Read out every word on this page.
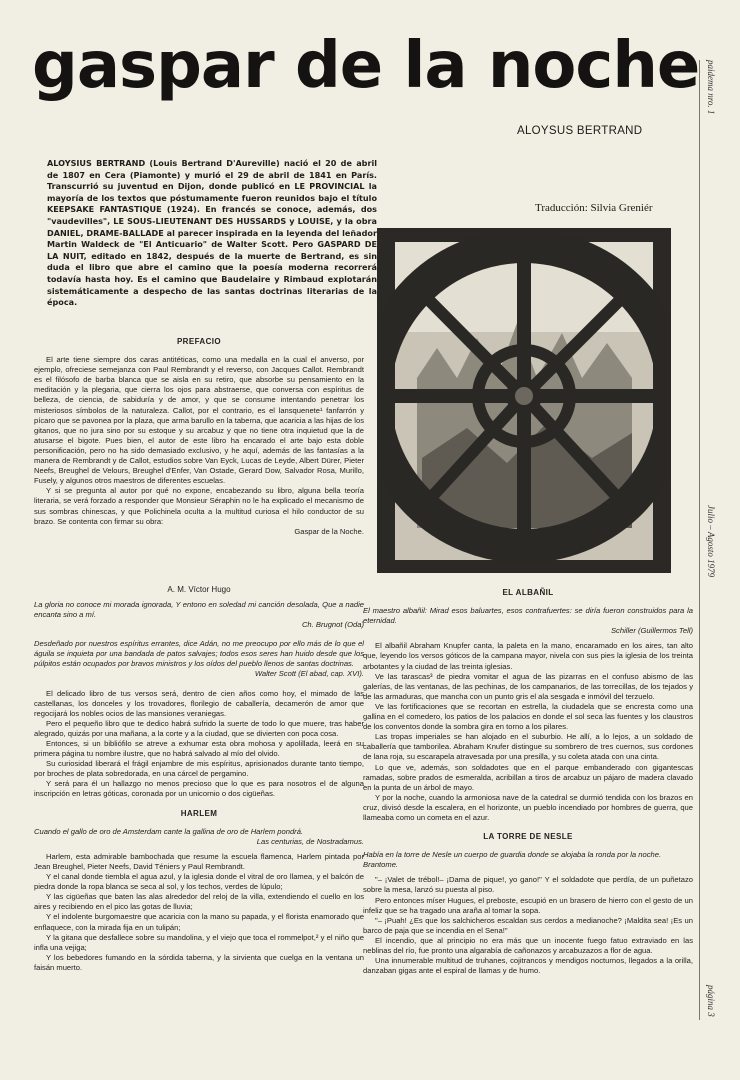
paidema nro. 1
Julio – Agosto 1979
página 3
gaspar de la noche
ALOYSUS BERTRAND

ALOYSIUS BERTRAND (Louis Bertrand D'Aureville) nació el 20 de abril de 1807 en Cera (Piamonte) y murió el 29 de abril de 1841 en París. Transcurrió su juventud en Dijon, donde publicó en LE PROVINCIAL la mayoría de los textos que póstumamente fueron reunidos bajo el título KEEPSAKE FANTASTIQUE (1924). En francés se conoce, además, dos "vaudevilles", LE SOUS-LIEUTENANT DES HUSSARDS y LOUISE, y la obra DANIEL, DRAME-BALLADE al parecer inspirada en la leyenda del leñador Martin Waldeck de "El Anticuario" de Walter Scott. Pero GASPARD DE LA NUIT, editado en 1842, después de la muerte de Bertrand, es sin duda el libro que abre el camino que la poesía moderna recorrerá todavía hasta hoy. Es el camino que Baudelaire y Rimbaud explotarán sistemáticamente a despecho de las santas doctrinas literarias de la época.

Traducción: Silvia Greniér

PREFACIO

El arte tiene siempre dos caras antitéticas, como una medalla en la cual el anverso, por ejemplo, ofreciese semejanza con Paul Rembrandt y el reverso, con Jacques Callot. Rembrandt es el filósofo de barba blanca que se aisla en su retiro, que absorbe su pensamiento en la meditación y la plegaria, que cierra los ojos para abstraerse, que conversa con espíritus de belleza, de ciencia, de sabiduría y de amor, y que se consume intentando penetrar los misteriosos símbolos de la naturaleza. Callot, por el contrario, es el lansquenete¹ fanfarrón y pícaro que se pavonea por la plaza, que arma barullo en la taberna, que acaricia a las hijas de los gitanos, que no jura sino por su estoque y su arcabuz y que no tiene otra inquietud que la de atusarse el bigote. Pues bien, el autor de este libro ha encarado el arte bajo esta doble personificación, pero no ha sido demasiado exclusivo, y he aquí, además de las fantasías a la manera de Rembrandt y de Callot, estudios sobre Van Eyck, Lucas de Leyde, Albert Dürer, Pieter Neefs, Breughel de Velours, Breughel d'Enfer, Van Ostade, Gerard Dow, Salvador Rosa, Murillo, Fusely, y algunos otros maestros de diferentes escuelas.

Y si se pregunta al autor por qué no expone, encabezando su libro, alguna bella teoría literaria, se verá forzado a responder que Monsieur Séraphin no le ha explicado el mecanismo de sus sombras chinescas, y que Polichinela oculta a la multitud curiosa el hilo conductor de su brazo. Se contenta con firmar su obra:

Gaspar de la Noche.

A. M. Víctor Hugo

La gloria no conoce mi morada ignorada, Y entono en soledad mi canción desolada, Que a nadie encanta sino a mí.

Ch. Brugnot (Oda)

Desdeñado por nuestros espíritus errantes, dice Adán, no me preocupo por ello más de lo que el águila se inquieta por una bandada de patos salvajes; todos esos seres han huido desde que los púlpitos están ocupados por bravos ministros y los oídos del pueblo llenos de santas doctrinas.

Walter Scott (El abad, cap. XVI).

El delicado libro de tus versos será, dentro de cien años como hoy, el mimado de las castellanas, los donceles y los trovadores, florilegio de caballería, decamerón de amor que regocijará los nobles ocios de las mansiones veraniegas.

Pero el pequeño libro que te dedico habrá sufrido la suerte de todo lo que muere, tras haber alegrado, quizás por una mañana, a la corte y a la ciudad, que se divierten con poca cosa.

Entonces, si un bibliófilo se atreve a exhumar esta obra mohosa y apolillada, leerá en su primera página tu nombre ilustre, que no habrá salvado al mío del olvido.

Su curiosidad liberará el frágil enjambre de mis espíritus, aprisionados durante tanto tiempo, por broches de plata sobredorada, en una cárcel de pergamino.

Y será para él un hallazgo no menos precioso que lo que es para nosotros el de alguna inscripción en letras góticas, coronada por un unicornio o dos cigüeñas.

HARLEM

Cuando el gallo de oro de Amsterdam cante la gallina de oro de Harlem pondrá.

Las centurias, de Nostradamus.

Harlem, esta admirable bambochada que resume la escuela flamenca, Harlem pintada por Jean Breughel, Pieter Neefs, David Téniers y Paul Rembrandt.

Y el canal donde tiembla el agua azul, y la iglesia donde el vitral de oro llamea, y el balcón de piedra donde la ropa blanca se seca al sol, y los techos, verdes de lúpulo;

Y las cigüeñas que baten las alas alrededor del reloj de la villa, extendiendo el cuello en los aires y recibiendo en el pico las gotas de lluvia;

Y el indolente burgomaestre que acaricia con la mano su papada, y el florista enamorado que enflaquece, con la mirada fija en un tulipán;

Y la gitana que desfallece sobre su mandolina, y el viejo que toca el rommelpot,² y el niño que infla una vejiga;

Y los bebedores fumando en la sórdida taberna, y la sirvienta que cuelga en la ventana un faisán muerto.

EL ALBAÑIL

El maestro albañil: Mirad esos baluartes, esos contrafuertes: se diría fueron construidos para la eternidad.

Schiller (Guillermos Tell)

El albañil Abraham Knupfer canta, la paleta en la mano, encaramado en los aires, tan alto que, leyendo los versos góticos de la campana mayor, nivela con sus pies la iglesia de los treinta arbotantes y la ciudad de las treinta iglesias.

Ve las tarascas³ de piedra vomitar el agua de las pizarras en el confuso abismo de las galerías, de las ventanas, de las pechinas, de los campanarios, de las torrecillas, de los tejados y de las armaduras, que mancha con un punto gris el ala sesgada e inmóvil del terzuelo.

Ve las fortificaciones que se recortan en estrella, la ciudadela que se encresta como una gallina en el comedero, los patios de los palacios en donde el sol seca las fuentes y los claustros de los conventos donde la sombra gira en torno a los pilares.

Las tropas imperiales se han alojado en el suburbio. He allí, a lo lejos, a un soldado de caballería que tamborilea. Abraham Knufer distingue su sombrero de tres cuernos, sus cordones de lana roja, su escarapela atravesada por una presilla, y su coleta atada con una cinta.

Lo que ve, además, son soldadotes que en el parque embanderado con gigantescas ramadas, sobre prados de esmeralda, acribillan a tiros de arcabuz un pájaro de madera clavado en la punta de un árbol de mayo.

Y por la noche, cuando la armoniosa nave de la catedral se durmió tendida con los brazos en cruz, divisó desde la escalera, en el horizonte, un pueblo incendiado por hombres de guerra, que llameaba como un cometa en el azur.

LA TORRE DE NESLE

Había en la torre de Nesle un cuerpo de guardia donde se alojaba la ronda por la noche.

Brantome.

"– ¡Valet de trébol!– ¡Dama de pique!, yo gano!" Y el soldadote que perdía, de un puñetazo sobre la mesa, lanzó su puesta al piso.

Pero entonces míser Hugues, el preboste, escupió en un brasero de hierro con el gesto de un infeliz que se ha tragado una araña al tomar la sopa.

"– ¡Puah! ¿Es que los salchicheros escaldan sus cerdos a medianoche? ¡Maldita sea! ¡Es un barco de paja que se incendia en el Sena!"

El incendio, que al principio no era más que un inocente fuego fatuo extraviado en las neblinas del río, fue pronto una algarabía de cañonazos y arcabuzazos a flor de agua.

Una innumerable multitud de truhanes, cojitrancos y mendigos nocturnos, llegados a la orilla, danzaban gigas ante el espiral de llamas y de humo.
